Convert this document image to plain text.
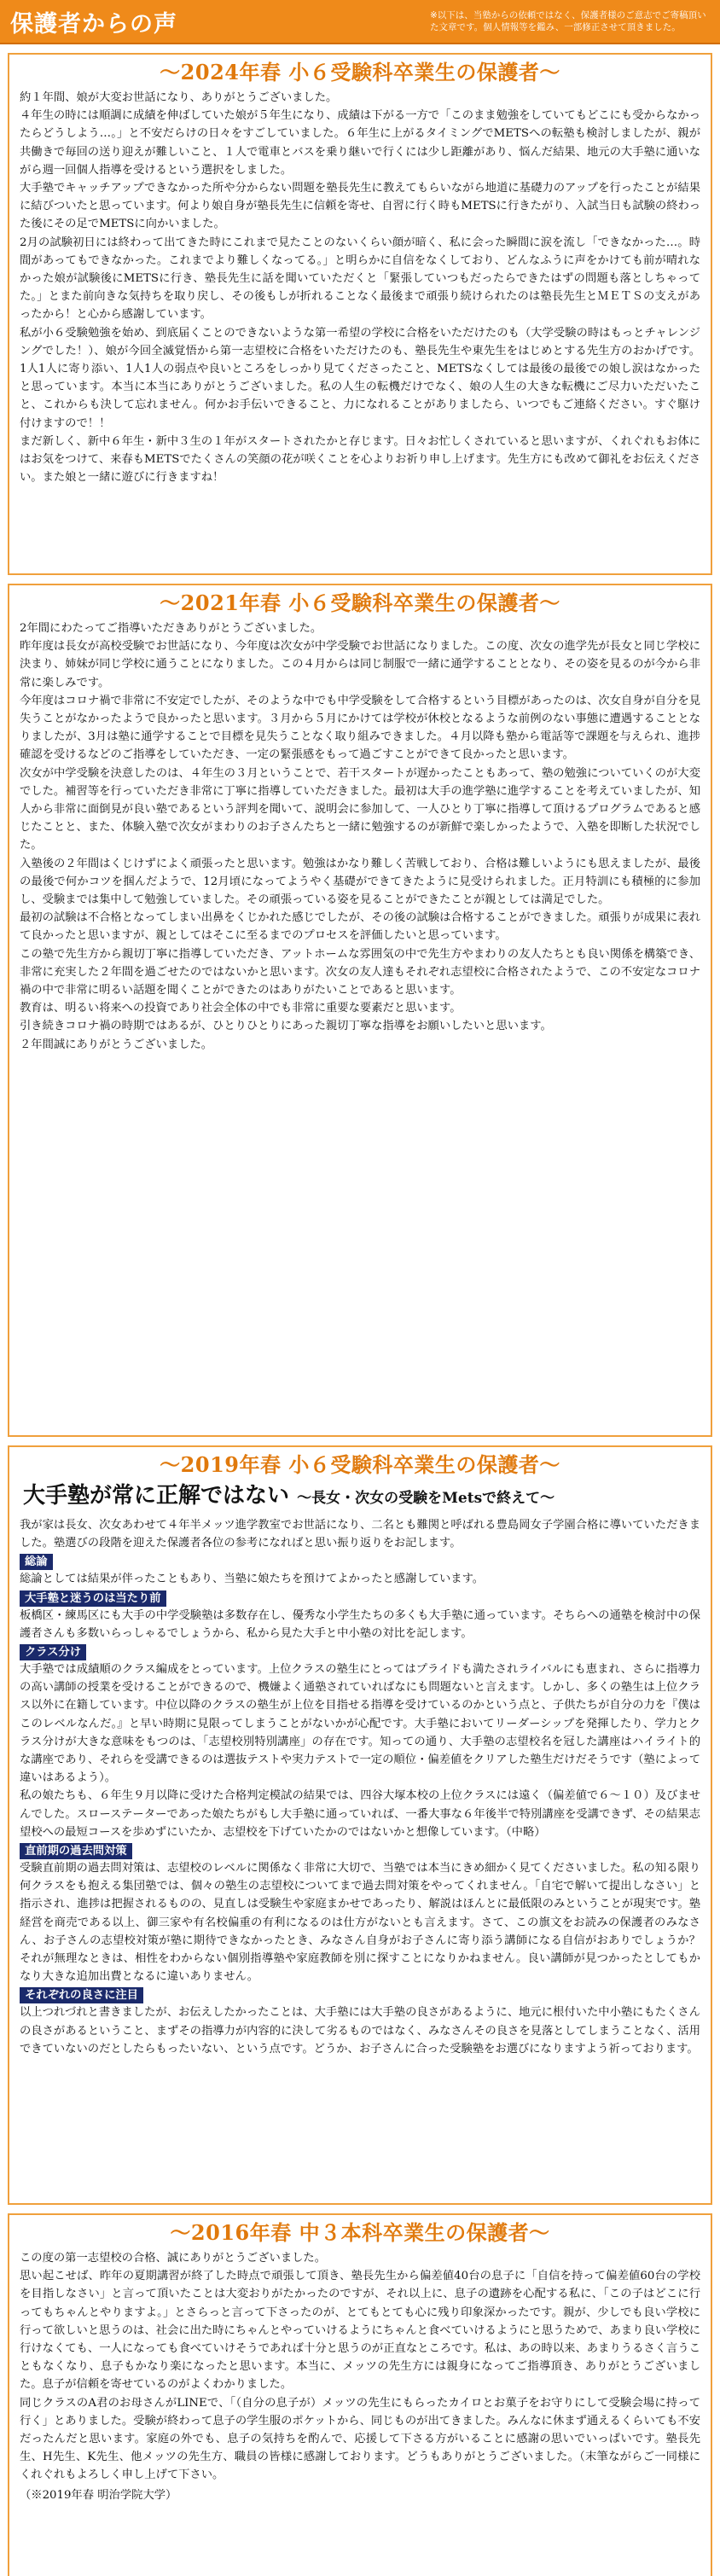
保護者からの声	※以下は、当塾からの依頼ではなく、保護者様のご意志でご寄稿頂いた文章です。個人情報等を鑑み、一部修正させて頂きました。
〜2024年春 小６受験科卒業生の保護者〜

約１年間、娘が大変お世話になり、ありがとうございました。

４年生の時には順調に成績を伸ばしていた娘が５年生になり、成績は下がる一方で「このまま勉強をしていてもどこにも受からなかったらどうしよう…。」と不安だらけの日々をすごしていました。６年生に上がるタイミングでMETSへの転塾も検討しましたが、親が共働きで毎回の送り迎えが難しいこと、１人で電車とバスを乗り継いで行くには少し距離があり、悩んだ結果、地元の大手塾に通いながら週一回個人指導を受けるという選択をしました。

大手塾でキャッチアップできなかった所や分からない問題を塾長先生に教えてもらいながら地道に基礎力のアップを行ったことが結果に結びついたと思っています。何より娘自身が塾長先生に信頼を寄せ、自習に行く時もMETSに行きたがり、入試当日も試験の終わった後にその足でMETSに向かいました。

2月の試験初日には終わって出てきた時にこれまで見たことのないくらい顔が暗く、私に会った瞬間に涙を流し「できなかった…。時間があってもできなかった。これまでより難しくなってる。」と明らかに自信をなくしており、どんなふうに声をかけても前が晴れなかった娘が試験後にMETSに行き、塾長先生に話を聞いていただくと「緊張していつもだったらできたはずの問題も落としちゃってた。」とまた前向きな気持ちを取り戻し、その後もしが折れることなく最後まで頑張り続けられたのは塾長先生とＭＥＴＳの支えがあったから！と心から感謝しています。

私が小６受験勉強を始め、到底届くことのできないような第一希望の学校に合格をいただけたのも（大学受験の時はもっとチャレンジングでした！）、娘が今回全滅覚悟から第一志望校に合格をいただけたのも、塾長先生や東先生をはじめとする先生方のおかげです。1人1人に寄り添い、1人1人の弱点や良いところをしっかり見てくださったこと、METSなくしては最後の最後での娘し涙はなかったと思っています。本当に本当にありがとうございました。私の人生の転機だけでなく、娘の人生の大きな転機にご尽力いただいたこと、これからも決して忘れません。何かお手伝いできること、力になれることがありましたら、いつでもご連絡ください。すぐ駆け付けますので！！

まだ新しく、新中６年生・新中３生の１年がスタートされたかと存じます。日々お忙しくされていると思いますが、くれぐれもお体にはお気をつけて、来春もMETSでたくさんの笑顔の花が咲くことを心よりお祈り申し上げます。先生方にも改めて御礼をお伝えください。また娘と一緒に遊びに行きますね！

〜2021年春 小６受験科卒業生の保護者〜

2年間にわたってご指導いただきありがとうございました。

昨年度は長女が高校受験でお世話になり、今年度は次女が中学受験でお世話になりました。この度、次女の進学先が長女と同じ学校に決まり、姉妹が同じ学校に通うことになりました。この４月からは同じ制服で一緒に通学することとなり、その姿を見るのが今から非常に楽しみです。

今年度はコロナ禍で非常に不安定でしたが、そのような中でも中学受験をして合格するという目標があったのは、次女自身が自分を見失うことがなかったようで良かったと思います。３月から５月にかけては学校が休校となるような前例のない事態に遭遇することとなりましたが、3月は塾に通学することで目標を見失うことなく取り組みできました。４月以降も塾から電話等で課題を与えられ、進捗確認を受けるなどのご指導をしていただき、一定の緊張感をもって過ごすことができて良かったと思います。

次女が中学受験を決意したのは、４年生の３月ということで、若干スタートが遅かったこともあって、塾の勉強についていくのが大変でした。補習等を行っていただき非常に丁寧に指導していただきました。最初は大手の進学塾に進学することを考えていましたが、知人から非常に面倒見が良い塾であるという評判を聞いて、説明会に参加して、一人ひとり丁寧に指導して頂けるプログラムであると感じたことと、また、体験入塾で次女がまわりのお子さんたちと一緒に勉強するのが新鮮で楽しかったようで、入塾を即断した状況でした。

入塾後の２年間はくじけずによく頑張ったと思います。勉強はかなり難しく苦戦しており、合格は難しいようにも思えましたが、最後の最後で何かコツを掴んだようで、12月頃になってようやく基礎ができてきたように見受けられました。正月特訓にも積極的に参加し、受験までは集中して勉強していました。その頑張っている姿を見ることができたことが親としては満足でした。

最初の試験は不合格となってしまい出鼻をくじかれた感じでしたが、その後の試験は合格することができました。頑張りが成果に表れて良かったと思いますが、親としてはそこに至るまでのプロセスを評価したいと思っています。

この塾で先生方から親切丁寧に指導していただき、アットホームな雰囲気の中で先生方やまわりの友人たちとも良い関係を構築でき、非常に充実した２年間を過ごせたのではないかと思います。次女の友人達もそれぞれ志望校に合格されたようで、この不安定なコロナ禍の中で非常に明るい話題を聞くことができたのはありがたいことであると思います。

教育は、明るい将来への投資であり社会全体の中でも非常に重要な要素だと思います。

引き続きコロナ禍の時期ではあるが、ひとりひとりにあった親切丁寧な指導をお願いしたいと思います。

２年間誠にありがとうございました。

〜2019年春 小６受験科卒業生の保護者〜
大手塾が常に正解ではない 〜長女・次女の受験をMetsで終えて〜

我が家は長女、次女あわせて４年半メッツ進学教室でお世話になり、二名とも難関と呼ばれる豊島岡女子学園合格に導いていただきました。塾選びの段階を迎えた保護者各位の参考になればと思い振り返りをお記します。

総論

総論としては結果が伴ったこともあり、当塾に娘たちを預けてよかったと感謝しています。

大手塾と迷うのは当たり前

板橋区・練馬区にも大手の中学受験塾は多数存在し、優秀な小学生たちの多くも大手塾に通っています。そちらへの通塾を検討中の保護者さんも多数いらっしゃるでしょうから、私から見た大手と中小塾の対比を記します。

クラス分け

大手塾では成績順のクラス編成をとっています。上位クラスの塾生にとってはプライドも満たされライバルにも恵まれ、さらに指導力の高い講師の授業を受けることができるので、機嫌よく通塾されていればなにも問題ないと言えます。しかし、多くの塾生は上位クラス以外に在籍しています。中位以降のクラスの塾生が上位を目指せる指導を受けているのかという点と、子供たちが自分の力を『僕はこのレベルなんだ。』と早い時期に見限ってしまうことがないかが心配です。大手塾においてリーダーシップを発揮したり、学力とクラス分けが大きな意味をもつのは、「志望校別特別講座」の存在です。知っての通り、大手塾の志望校名を冠した講座はハイライト的な講座であり、それらを受講できるのは選抜テストや実力テストで一定の順位・偏差値をクリアした塾生だけだそうです（塾によって違いはあるよう）。

私の娘たちも、６年生９月以降に受けた合格判定模試の結果では、四谷大塚本校の上位クラスには遠く（偏差値で６〜１０）及びませんでした。スローステーターであった娘たちがもし大手塾に通っていれば、一番大事な６年後半で特別講座を受講できず、その結果志望校への最短コースを歩めずにいたか、志望校を下げていたかのではないかと想像しています。（中略）

直前期の過去問対策

受験直前期の過去問対策は、志望校のレベルに関係なく非常に大切で、当塾では本当にきめ細かく見てくださいました。私の知る限り何クラスをも抱える集団塾では、個々の塾生の志望校についてまで過去問対策をやってくれません。「自宅で解いて提出しなさい」と指示され、進捗は把握されるものの、見直しは受験生や家庭まかせであったり、解説はほんとに最低限のみということが現実です。塾経営を商売である以上、御三家や有名校偏重の有利になるのは仕方がないとも言えます。さて、この旗文をお読みの保護者のみなさん、お子さんの志望校対策が塾に期待できなかったとき、みなさん自身がお子さんに寄り添う講師になる自信がおありでしょうか？それが無理なときは、相性をわからない個別指導塾や家庭教師を別に探すことになりかねません。良い講師が見つかったとしてもかなり大きな追加出費となるに違いありません。

それぞれの良さに注目

以上つれづれと書きましたが、お伝えしたかったことは、大手塾には大手塾の良さがあるように、地元に根付いた中小塾にもたくさんの良さがあるということ、まずその指導力が内容的に決して劣るものではなく、みなさんその良さを見落としてしまうことなく、活用できていないのだとしたらもったいない、という点です。どうか、お子さんに合った受験塾をお選びになりますよう祈っております。

〜2016年春 中３本科卒業生の保護者〜

この度の第一志望校の合格、誠にありがとうございました。

思い起こせば、昨年の夏期講習が終了した時点で頑張して頂き、塾長先生から偏差値40台の息子に「自信を持って偏差値60台の学校を目指しなさい」と言って頂いたことは大変おりがたかったのですが、それ以上に、息子の遺跡を心配する私に、「この子はどこに行ってもちゃんとやりますよ。」とさらっと言って下さったのが、とてもとても心に残り印象深かったです。親が、少しでも良い学校に行って欲しいと思うのは、社会に出た時にちゃんとやっていけるようにちゃんと食べていけるようにと思うためで、あまり良い学校に行けなくても、一人になっても食べていけそうであれば十分と思うのが正直なところです。私は、あの時以来、あまりうるさく言うこともなくなり、息子もかなり楽になったと思います。本当に、メッツの先生方には親身になってご指導頂き、ありがとうございました。息子が信頼を寄せているのがよくわかりました。

同じクラスのA君のお母さんがLINEで、「（自分の息子が）メッツの先生にもらったカイロとお菓子をお守りにして受験会場に持って行く」とありました。受験が終わって息子の学生服のポケットから、同じものが出てきました。みんなに休まず通えるくらいても不安だったんだと思います。家庭の外でも、息子の気持ちを酌んで、応援して下さる方がいることに感謝の思いでいっぱいです。塾長先生、H先生、K先生、他メッツの先生方、職員の皆様に感謝しております。どうもありがとうございました。（末筆ながらご一同様にくれぐれもよろしく申し上げて下さい。

（※2019年春 明治学院大学）
